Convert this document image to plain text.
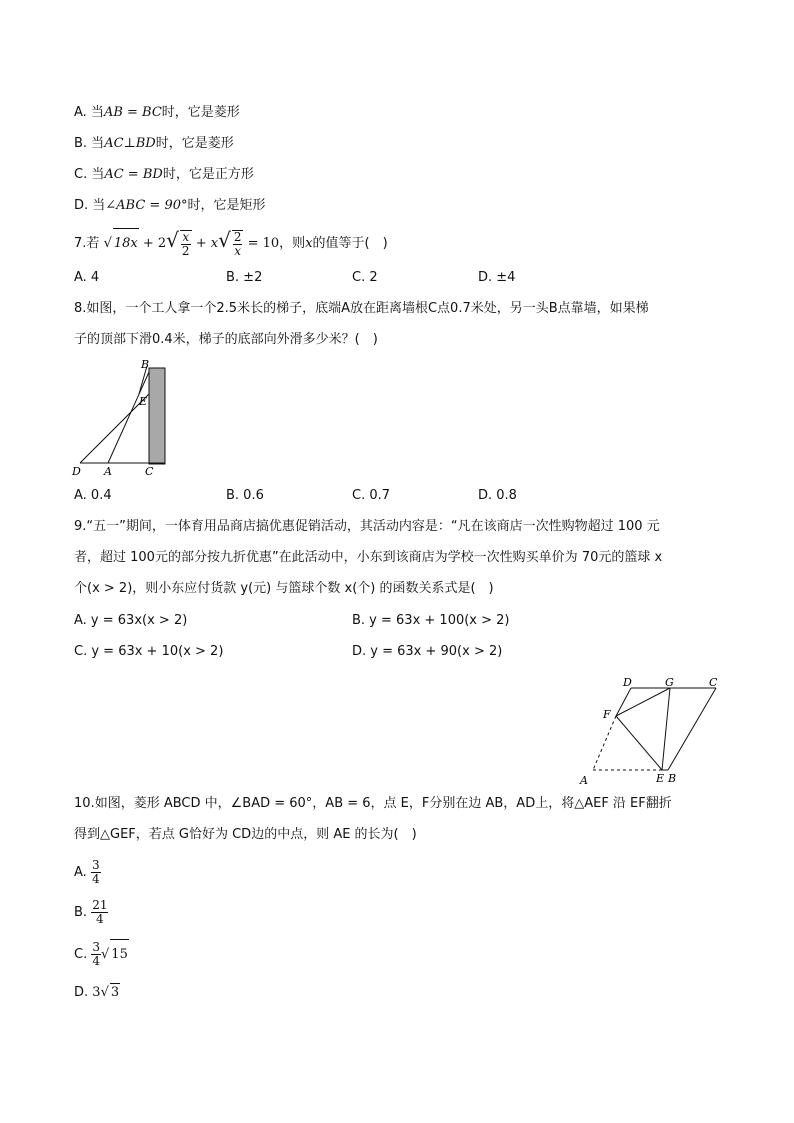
A. 当AB = BC时，它是菱形
B. 当AC⊥BD时，它是菱形
C. 当AC = BD时，它是正方形
D. 当∠ABC = 90°时，它是矩形
7.若 √ $18x + 2√ \frac{x}{2} + x√ \frac{2}{x} = 10$，则x的值等于(　)
A. 4	B. ±2	C. 2	D. ±4
8.如图，一个工人拿一个2.5米长的梯子，底端A放在距离墙根C点0.7米处，另一头B点靠墙，如果梯
子的顶部下滑0.4米，梯子的底部向外滑多少米？(　)
B
E
D A	C
A. 0.4	B. 0.6	C. 0.7	D. 0.8
9.“五一”期间，一体育用品商店搞优惠促销活动，其活动内容是：“凡在该商店一次性购物超过 100 元
者，超过 100元的部分按九折优惠”在此活动中，小东到该商店为学校一次性购买单价为 70元的篮球 x
个(x > 2)，则小东应付货款 y(元) 与篮球个数 x(个) 的函数关系式是(　)
A. y = 63x(x > 2)	B. y = 63x + 100(x > 2)
C. y = 63x + 10(x > 2)	D. y = 63x + 90(x > 2)
D	G	C
F
A	E B
10.如图，菱形 ABCD 中，∠BAD = 60°，AB = 6，点 E，F分别在边 AB，AD上，将△AEF 沿 EF翻折
得到△GEF，若点 G恰好为 CD边的中点，则 AE 的长为(　)
A. $\frac{3}{4}$
B. $\frac{21}{4}$
C. $\frac{3}{4}$ √ 15
D. 3√ 3
